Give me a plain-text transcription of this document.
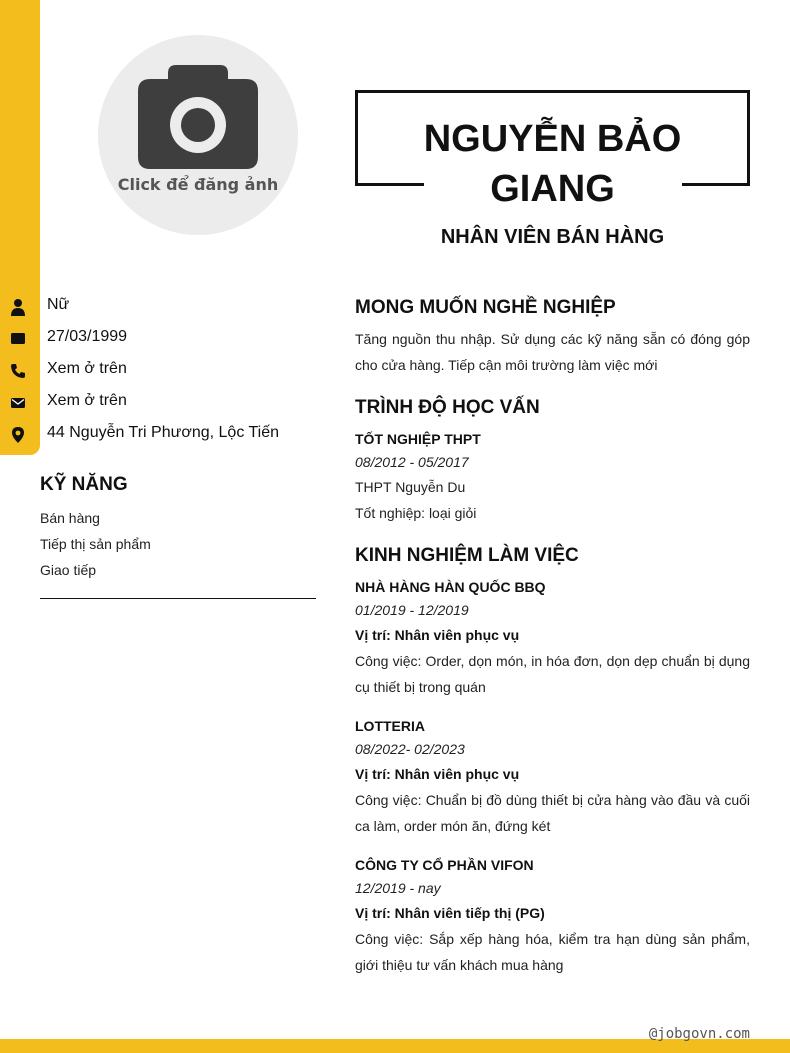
Click để đăng ảnh
NGUYỄN BẢO GIANG
NHÂN VIÊN BÁN HÀNG
Nữ
27/03/1999
Xem ở trên
Xem ở trên
44 Nguyễn Tri Phương, Lộc Tiến
KỸ NĂNG
Bán hàng
Tiếp thị sản phẩm
Giao tiếp
MONG MUỐN NGHỀ NGHIỆP
Tăng nguồn thu nhập. Sử dụng các kỹ năng sẵn có đóng góp cho cửa hàng. Tiếp cận môi trường làm việc mới
TRÌNH ĐỘ HỌC VẤN
TỐT NGHIỆP THPT
08/2012 - 05/2017
THPT Nguyễn Du
Tốt nghiệp: loại giỏi
KINH NGHIỆM LÀM VIỆC
NHÀ HÀNG HÀN QUỐC BBQ
01/2019 - 12/2019
Vị trí: Nhân viên phục vụ
Công việc: Order, dọn món, in hóa đơn, dọn dẹp chuẩn bị dụng cụ thiết bị trong quán
LOTTERIA
08/2022- 02/2023
Vị trí: Nhân viên phục vụ
Công việc: Chuẩn bị đồ dùng thiết bị cửa hàng vào đầu và cuối ca làm, order món ăn, đứng két
CÔNG TY CỔ PHẦN VIFON
12/2019 - nay
Vị trí: Nhân viên tiếp thị (PG)
Công việc: Sắp xếp hàng hóa, kiểm tra hạn dùng sản phẩm, giới thiệu tư vấn khách mua hàng
@jobgovn.com
